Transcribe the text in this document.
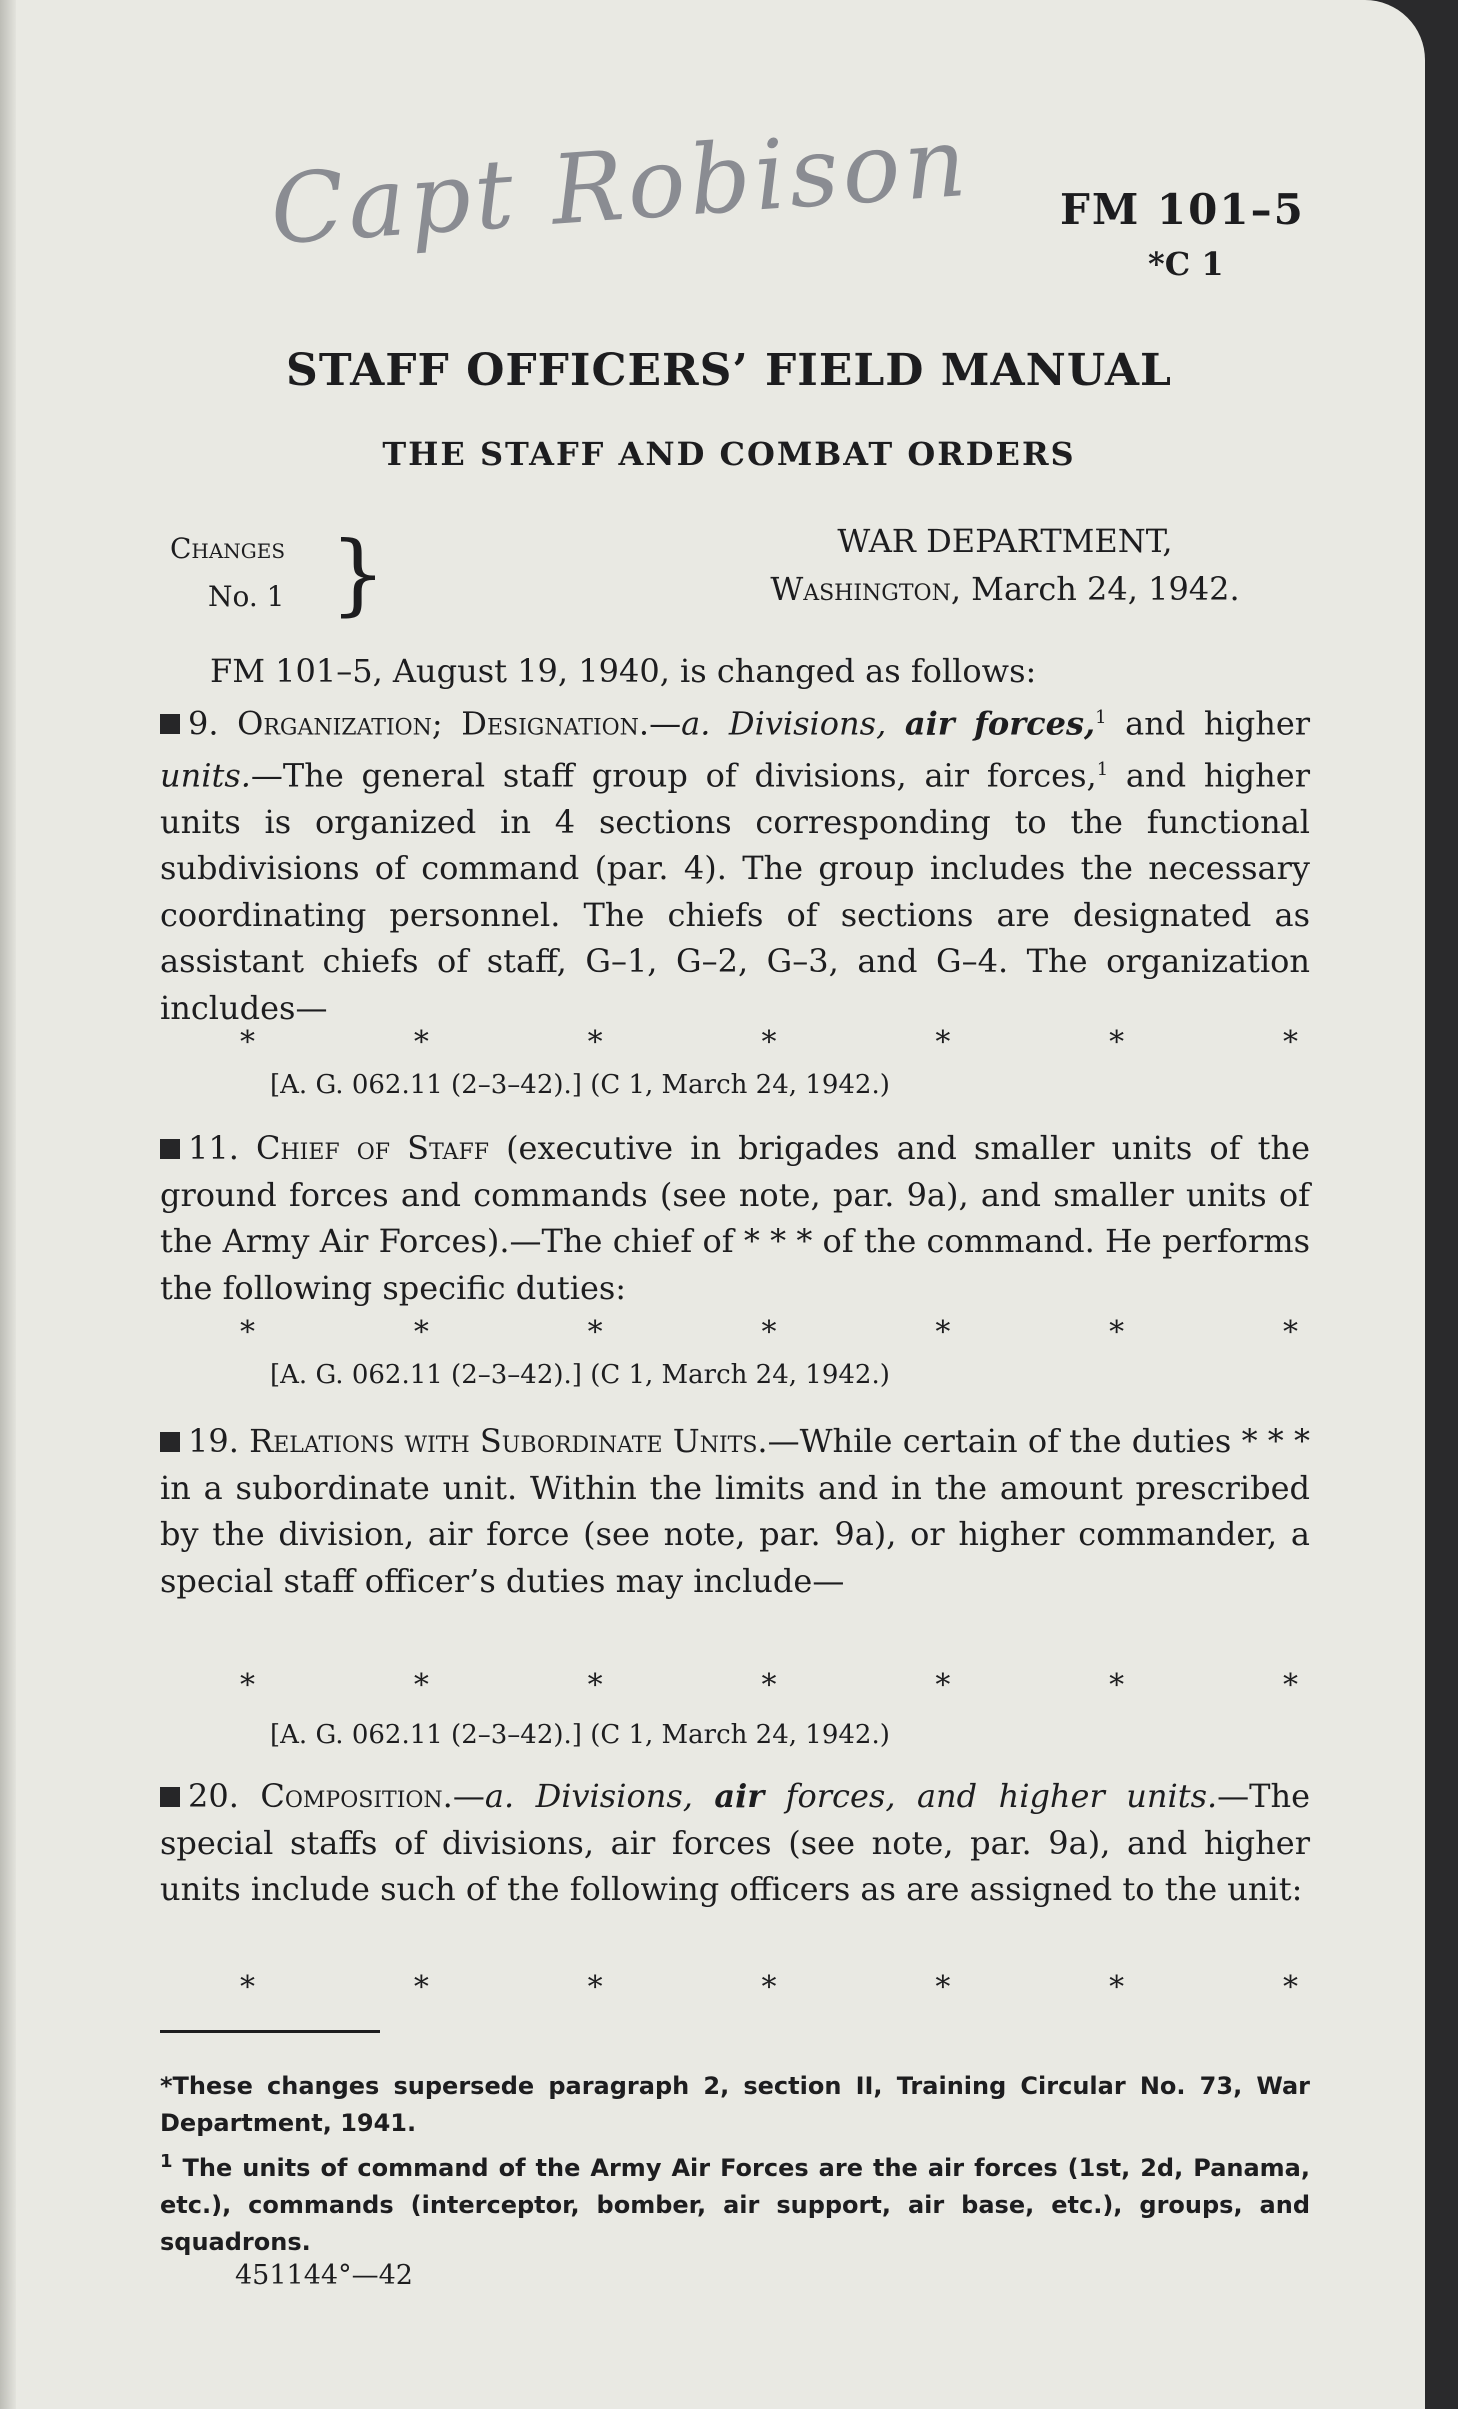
Capt Robison FM 101–5
*C 1
STAFF OFFICERS’ FIELD MANUAL
THE STAFF AND COMBAT ORDERS
Changes
No. 1 }	WAR DEPARTMENT,
Washington, March 24, 1942.

FM 101–5, August 19, 1940, is changed as follows:

9. Organization; Designation.—a. Divisions, air forces,$^1$ and higher units.—The general staff group of divisions, air forces,$^1$ and higher units is organized in 4 sections corresponding to the functional subdivisions of command (par. 4). The group includes the necessary coordinating personnel. The chiefs of sections are designated as assistant chiefs of staff, G–1, G–2, G–3, and G–4. The organization includes—

*	*	*	*	*	*	*
[A. G. 062.11 (2–3–42).] (C 1, March 24, 1942.)

11. Chief of Staff (executive in brigades and smaller units of the ground forces and commands (see note, par. 9a), and smaller units of the Army Air Forces).—The chief of * * * of the command. He performs the following specific duties:

*	*	*	*	*	*	*
[A. G. 062.11 (2–3–42).] (C 1, March 24, 1942.)

19. Relations with Subordinate Units.—While certain of the duties * * * in a subordinate unit. Within the limits and in the amount prescribed by the division, air force (see note, par. 9a), or higher commander, a special staff officer’s duties may include—

*	*	*	*	*	*	*
[A. G. 062.11 (2–3–42).] (C 1, March 24, 1942.)

20. Composition.—a. Divisions, air forces, and higher units.—The special staffs of divisions, air forces (see note, par. 9a), and higher units include such of the following officers as are assigned to the unit:

*	*	*	*	*	*	*
*These changes supersede paragraph 2, section II, Training Circular No. 73, War Department, 1941.
$^1$ The units of command of the Army Air Forces are the air forces (1st, 2d, Panama, etc.), commands (interceptor, bomber, air support, air base, etc.), groups, and squadrons.
451144°—42
